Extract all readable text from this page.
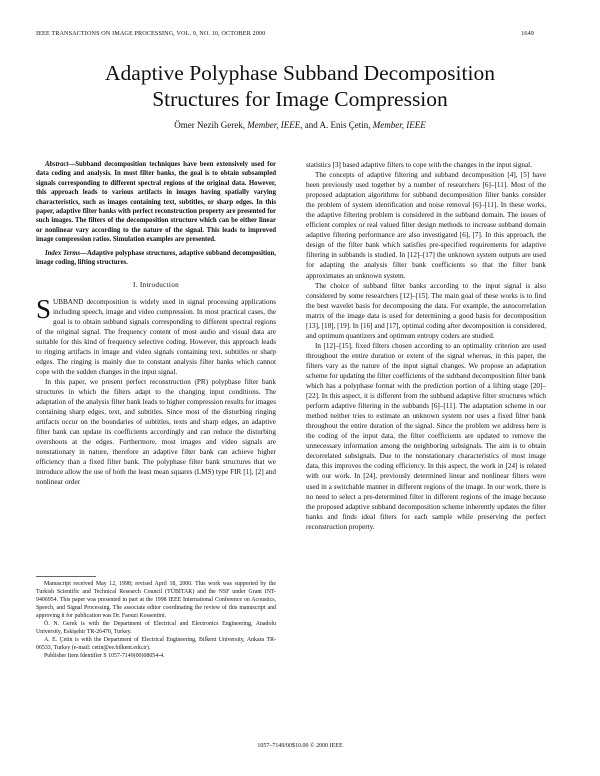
IEEE TRANSACTIONS ON IMAGE PROCESSING, VOL. 9, NO. 10, OCTOBER 2000	1649
Adaptive Polyphase Subband Decomposition
Structures for Image Compression
Ömer Nezih Gerek, Member, IEEE, and A. Enis Çetin, Member, IEEE

Abstract—Subband decomposition techniques have been extensively used for data coding and analysis. In most filter banks, the goal is to obtain subsampled signals corresponding to different spectral regions of the original data. However, this approach leads to various artifacts in images having spatially varying characteristics, such as images containing text, subtitles, or sharp edges. In this paper, adaptive filter banks with perfect reconstruction property are presented for such images. The filters of the decomposition structure which can be either linear or nonlinear vary according to the nature of the signal. This leads to improved image compression ratios. Simulation examples are presented.

Index Terms—Adaptive polyphase structures, adaptive subband decomposition, image coding, lifting structures.

I. Introduction

SUBBAND decomposition is widely used in signal processing applications including speech, image and video compression. In most practical cases, the goal is to obtain subband signals corresponding to different spectral regions of the original signal. The frequency content of most audio and visual data are suitable for this kind of frequency selective coding. However, this approach leads to ringing artifacts in image and video signals containing text, subtitles or sharp edges. The ringing is mainly due to constant analysis filter banks which cannot cope with the sudden changes in the input signal.

In this paper, we present perfect reconstruction (PR) polyphase filter bank structures in which the filters adapt to the changing input conditions. The adaptation of the analysis filter bank leads to higher compression results for images containing sharp edges, text, and subtitles. Since most of the disturbing ringing artifacts occur on the boundaries of subtitles, texts and sharp edges, an adaptive filter bank can update its coefficients accordingly and can reduce the disturbing overshoots at the edges. Furthermore, most images and video signals are nonstationary in nature, therefore an adaptive filter bank can achieve higher efficiency than a fixed filter bank. The polyphase filter bank structures that we introduce allow the use of both the least mean squares (LMS) type FIR [1], [2] and nonlinear order

Manuscript received May 12, 1998; revised April 18, 2000. This work was supported by the Turkish Scientific and Technical Research Council (TÜBİTAK) and the NSF under Grant INT-9406954. This paper was presented in part at the 1998 IEEE International Conference on Acoustics, Speech, and Signal Processing. The associate editor coordinating the review of this manuscript and approving it for publication was Dr. Faouzi Kossentini.

Ö. N. Gerek is with the Department of Electrical and Electronics Engineering, Anadolu University, Eskişehir TR-26470, Turkey.

A. E. Çetin is with the Department of Electrical Engineering, Bilkent University, Ankara TR-06533, Turkey (e-mail: cetin@ee.bilkent.edu.tr).

Publisher Item Identifier S 1057-7149(00)08054-4.

statistics [3] based adaptive filters to cope with the changes in the input signal.

The concepts of adaptive filtering and subband decomposition [4], [5] have been previously used together by a number of researchers [6]–[11]. Most of the proposed adaptation algorithms for subband decomposition filter banks consider the problem of system identification and noise removal [6]–[11]. In these works, the adaptive filtering problem is considered in the subband domain. The issues of efficient complex or real valued filter design methods to increase subband domain adaptive filtering performance are also investigated [6], [7]. In this approach, the design of the filter bank which satisfies pre-specified requirements for adaptive filtering in subbands is studied. In [12]–[17] the unknown system outputs are used for adapting the analysis filter bank coefficients so that the filter bank approximates an unknown system.

The choice of subband filter banks according to the input signal is also considered by some researchers [12]–[15]. The main goal of these works is to find the best wavelet basis for decomposing the data. For example, the autocorrelation matrix of the image data is used for determining a good basis for decomposition [13], [18], [19]. In [16] and [17], optimal coding after decomposition is considered, and optimum quantizers and optimum entropy coders are studied.

In [12]–[15], fixed filters chosen according to an optimality criterion are used throughout the entire duration or extent of the signal whereas, in this paper, the filters vary as the nature of the input signal changes. We propose an adaptation scheme for updating the filter coefficients of the subband decomposition filter bank which has a polyphase format with the prediction portion of a lifting stage [20]–[22]. In this aspect, it is different from the subband adaptive filter structures which perform adaptive filtering in the subbands [6]–[11]. The adaptation scheme in our method neither tries to estimate an unknown system nor uses a fixed filter bank throughout the entire duration of the signal. Since the problem we address here is the coding of the input data, the filter coefficients are updated to remove the unnecessary information among the neighboring subsignals. The aim is to obtain decorrelated subsignals. Due to the nonstationary characteristics of most image data, this improves the coding efficiency. In this aspect, the work in [24] is related with our work. In [24], previously determined linear and nonlinear filters were used in a switchable manner in different regions of the image. In our work, there is no need to select a pre-determined filter in different regions of the image because the proposed adaptive subband decomposition scheme inherently updates the filter banks and finds ideal filters for each sample while preserving the perfect reconstruction property.

1057–7149/00$10.00 © 2000 IEEE
